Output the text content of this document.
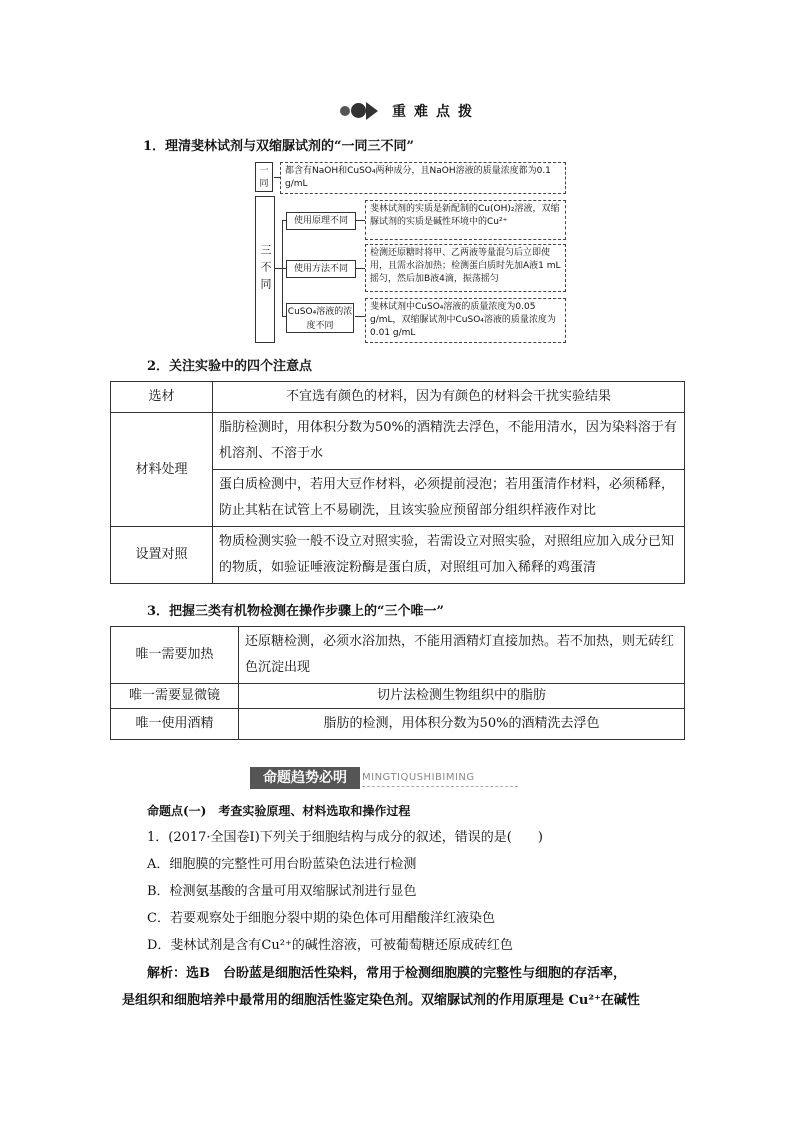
重难点拨
1．理清斐林试剂与双缩脲试剂的“一同三不同”
一同
三不同
都含有NaOH和CuSO₄两种成分，且NaOH溶液的质量浓度都为0.1 g/mL
使用原理不同
斐林试剂的实质是新配制的Cu(OH)₂溶液，双缩脲试剂的实质是碱性环境中的Cu²⁺
使用方法不同
检测还原糖时将甲、乙两液等量混匀后立即使用，且需水浴加热；检测蛋白质时先加A液1 mL摇匀，然后加B液4滴，振荡摇匀
CuSO₄溶液的浓度不同
斐林试剂中CuSO₄溶液的质量浓度为0.05 g/mL，双缩脲试剂中CuSO₄溶液的质量浓度为0.01 g/mL
2．关注实验中的四个注意点
选材	不宜选有颜色的材料，因为有颜色的材料会干扰实验结果
材料处理	脂肪检测时，用体积分数为50%的酒精洗去浮色，不能用清水，因为染料溶于有机溶剂、不溶于水
	蛋白质检测中，若用大豆作材料，必须提前浸泡；若用蛋清作材料，必须稀释，防止其粘在试管上不易刷洗，且该实验应预留部分组织样液作对比
设置对照	物质检测实验一般不设立对照实验，若需设立对照实验，对照组应加入成分已知的物质，如验证唾液淀粉酶是蛋白质，对照组可加入稀释的鸡蛋清
3．把握三类有机物检测在操作步骤上的“三个唯一”
唯一需要加热	还原糖检测，必须水浴加热，不能用酒精灯直接加热。若不加热，则无砖红色沉淀出现
唯一需要显微镜	切片法检测生物组织中的脂肪
唯一使用酒精	脂肪的检测，用体积分数为50%的酒精洗去浮色
命题趋势必明	MINGTIQUSHIBIMING
命题点(一)　考查实验原理、材料选取和操作过程
1．(2017·全国卷Ⅰ)下列关于细胞结构与成分的叙述，错误的是(　　)
A．细胞膜的完整性可用台盼蓝染色法进行检测
B．检测氨基酸的含量可用双缩脲试剂进行显色
C．若要观察处于细胞分裂中期的染色体可用醋酸洋红液染色
D．斐林试剂是含有Cu²⁺的碱性溶液，可被葡萄糖还原成砖红色
解析：选B　台盼蓝是细胞活性染料，常用于检测细胞膜的完整性与细胞的存活率，
是组织和细胞培养中最常用的细胞活性鉴定染色剂。双缩脲试剂的作用原理是 Cu²⁺在碱性
